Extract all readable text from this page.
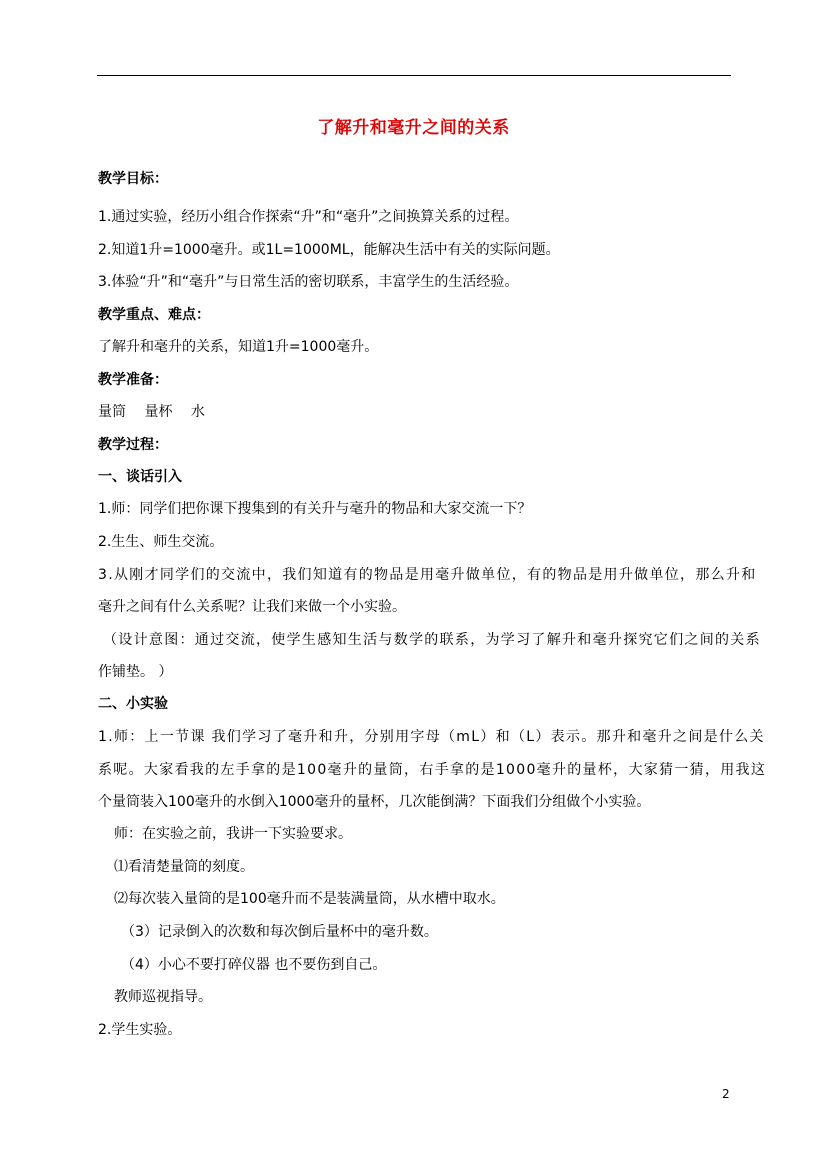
了解升和毫升之间的关系
教学目标：
1.通过实验，经历小组合作探索“升”和“毫升”之间换算关系的过程。
2.知道1升=1000毫升。或1L=1000ML，能解决生活中有关的实际问题。
3.体验“升”和“毫升”与日常生活的密切联系，丰富学生的生活经验。
教学重点、难点：
了解升和毫升的关系，知道1升=1000毫升。
教学准备：
量筒　 量杯　 水
教学过程：
一、谈话引入
1.师：同学们把你课下搜集到的有关升与毫升的物品和大家交流一下？
2.生生、师生交流。
3.从刚才同学们的交流中，我们知道有的物品是用毫升做单位，有的物品是用升做单位，那么升和
毫升之间有什么关系呢？让我们来做一个小实验。
（设计意图：通过交流，使学生感知生活与数学的联系，为学习了解升和毫升探究它们之间的关系
作铺垫。 ）
二、小实验
1.师：上一节课 我们学习了毫升和升，分别用字母（mL）和（L）表示。那升和毫升之间是什么关
系呢。大家看我的左手拿的是100毫升的量筒，右手拿的是1000毫升的量杯，大家猜一猜，用我这
个量筒装入100毫升的水倒入1000毫升的量杯，几次能倒满？下面我们分组做个小实验。
师：在实验之前，我讲一下实验要求。
⑴看清楚量筒的刻度。
⑵每次装入量筒的是100毫升而不是装满量筒，从水槽中取水。
（3）记录倒入的次数和每次倒后量杯中的毫升数。
（4）小心不要打碎仪器 也不要伤到自己。
教师巡视指导。
2.学生实验。
2
